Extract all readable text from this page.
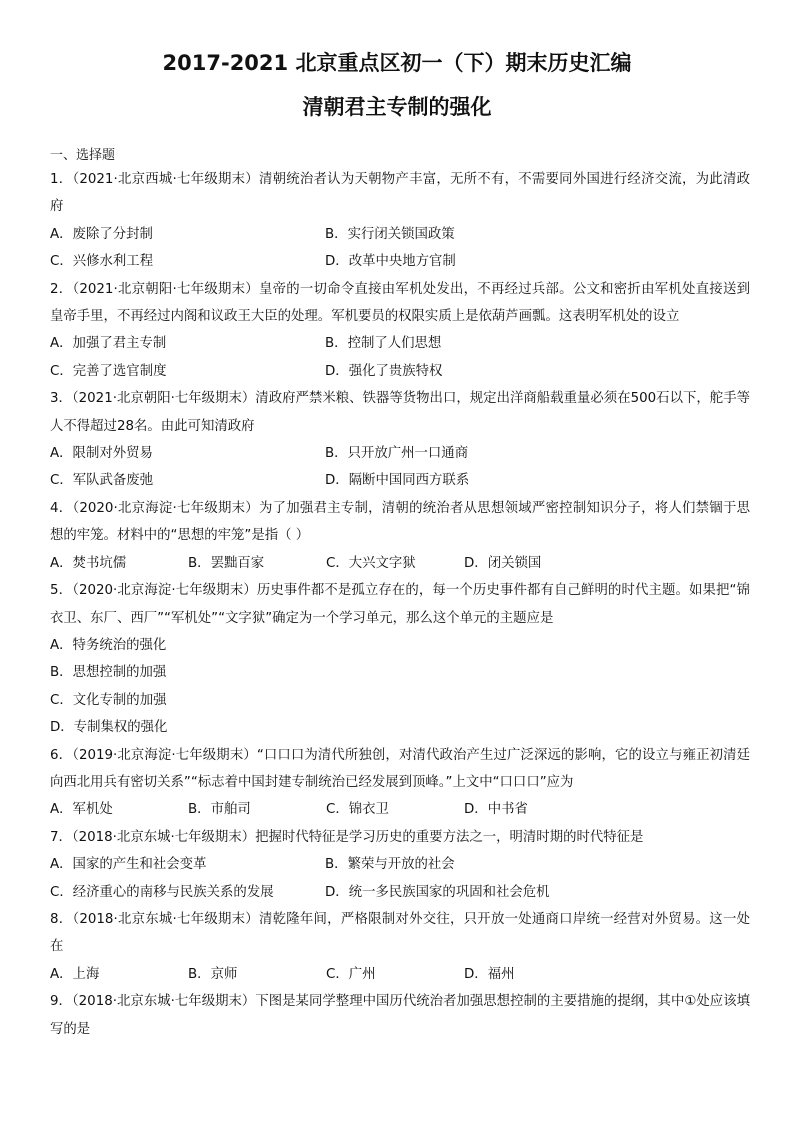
2017-2021 北京重点区初一（下）期末历史汇编
清朝君主专制的强化
一、选择题
1．（2021·北京西城·七年级期末）清朝统治者认为天朝物产丰富，无所不有，不需要同外国进行经济交流，为此清政府
A．废除了分封制	B．实行闭关锁国政策
C．兴修水利工程	D．改革中央地方官制
2．（2021·北京朝阳·七年级期末）皇帝的一切命令直接由军机处发出，不再经过兵部。公文和密折由军机处直接送到皇帝手里，不再经过内阁和议政王大臣的处理。军机要员的权限实质上是依葫芦画瓢。这表明军机处的设立
A．加强了君主专制	B．控制了人们思想
C．完善了选官制度	D．强化了贵族特权
3．（2021·北京朝阳·七年级期末）清政府严禁米粮、铁器等货物出口，规定出洋商船载重量必须在500石以下，舵手等人不得超过28名。由此可知清政府
A．限制对外贸易	B．只开放广州一口通商
C．军队武备废弛	D．隔断中国同西方联系
4．（2020·北京海淀·七年级期末）为了加强君主专制，清朝的统治者从思想领域严密控制知识分子，将人们禁锢于思想的牢笼。材料中的“思想的牢笼”是指（ ）
A．焚书坑儒	B．罢黜百家	C．大兴文字狱	D．闭关锁国
5．（2020·北京海淀·七年级期末）历史事件都不是孤立存在的，每一个历史事件都有自己鲜明的时代主题。如果把“锦衣卫、东厂、西厂”“军机处”“文字狱”确定为一个学习单元，那么这个单元的主题应是
A．特务统治的强化
B．思想控制的加强
C．文化专制的加强
D．专制集权的强化
6．（2019·北京海淀·七年级期末）“口口口为清代所独创，对清代政治产生过广泛深远的影响，它的设立与雍正初清廷向西北用兵有密切关系”“标志着中国封建专制统治已经发展到顶峰。”上文中“口口口”应为
A．军机处	B．市舶司	C．锦衣卫	D．中书省
7．（2018·北京东城·七年级期末）把握时代特征是学习历史的重要方法之一，明清时期的时代特征是
A．国家的产生和社会变革	B．繁荣与开放的社会
C．经济重心的南移与民族关系的发展	D．统一多民族国家的巩固和社会危机
8．（2018·北京东城·七年级期末）清乾隆年间，严格限制对外交往，只开放一处通商口岸统一经营对外贸易。这一处在
A．上海	B．京师	C．广州	D．福州
9．（2018·北京东城·七年级期末）下图是某同学整理中国历代统治者加强思想控制的主要措施的提纲，其中①处应该填写的是
